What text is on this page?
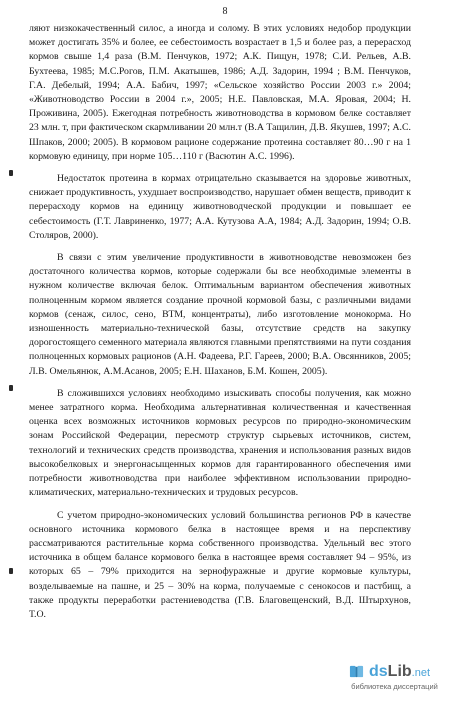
8

ляют низкокачественный силос, а иногда и солому. В этих условиях недобор продукции может достигать 35% и более, ее себестоимость возрастает в 1,5 и более раз, а перерасход кормов свыше 1,4 раза (В.М. Пенчуков, 1972; А.К. Пищун, 1978; С.И. Рельев, А.В. Бухтеева, 1985; М.С.Рогов, П.М. Акатышев, 1986; А.Д. Задорин, 1994 ; В.М. Пенчуков, Г.А. Дебелый, 1994; А.А. Бабич, 1997; «Сельское хозяйство России 2003 г.» 2004; «Животноводство России в 2004 г.», 2005; Н.Е. Павловская, М.А. Яровая, 2004; Н. Проживина, 2005). Ежегодная потребность животноводства в кормовом белке составляет 23 млн. т, при фактическом скармливании 20 млн.т (В.А Тащилин, Д.В. Якушев, 1997; А.С. Шпаков, 2000; 2005). В кормовом рационе содержание протеина составляет 80…90 г на 1 кормовую единицу, при норме 105…110 г (Васютин А.С. 1996).

Недостаток протеина в кормах отрицательно сказывается на здоровье животных, снижает продуктивность, ухудшает воспроизводство, нарушает обмен веществ, приводит к перерасходу кормов на единицу животноводческой продукции и повышает ее себестоимость (Г.Т. Лавриненко, 1977; А.А. Кутузова А.А, 1984; А.Д. Задорин, 1994; О.В. Столяров, 2000).

В связи с этим увеличение продуктивности в животноводстве невозможен без достаточного количества кормов, которые содержали бы все необходимые элементы в нужном количестве включая белок. Оптимальным вариантом обеспечения животных полноценным кормом является создание прочной кормовой базы, с различными видами кормов (сенаж, силос, сено, ВТМ, концентраты), либо изготовление монокорма. Но изношенность материально-технической базы, отсутствие средств на закупку дорогостоящего семенного материала являются главными препятствиями на пути создания полноценных кормовых рационов (А.Н. Фадеева, Р.Г. Гареев, 2000; В.А. Овсянников, 2005; Л.В. Омельянюк, А.М.Асанов, 2005; Е.Н. Шаханов, Б.М. Кошен, 2005).

В сложившихся условиях необходимо изыскивать способы получения, как можно менее затратного корма. Необходима альтернативная количественная и качественная оценка всех возможных источников кормовых ресурсов по природно-экономическим зонам Российской Федерации, пересмотр структур сырьевых источников, систем, технологий и технических средств производства, хранения и использования разных видов высокобелковых и энергонасыщенных кормов для гарантированного обеспечения ими потребности животноводства при наиболее эффективном использовании природно-климатических, материально-технических и трудовых ресурсов.

С учетом природно-экономических условий большинства регионов РФ в качестве основного источника кормового белка в настоящее время и на перспективу рассматриваются растительные корма собственного производства. Удельный вес этого источника в общем балансе кормового белка в настоящее время составляет 94 – 95%, из которых 65 – 79% приходится на зернофуражные и другие кормовые культуры, возделываемые на пашне, и 25 – 30% на корма, получаемые с сенокосов и пастбищ, а также продукты переработки растениеводства (Г.В. Благовещенский, В.Д. Штырхунов, Т.О.

dsLib.net
библиотека диссертаций
